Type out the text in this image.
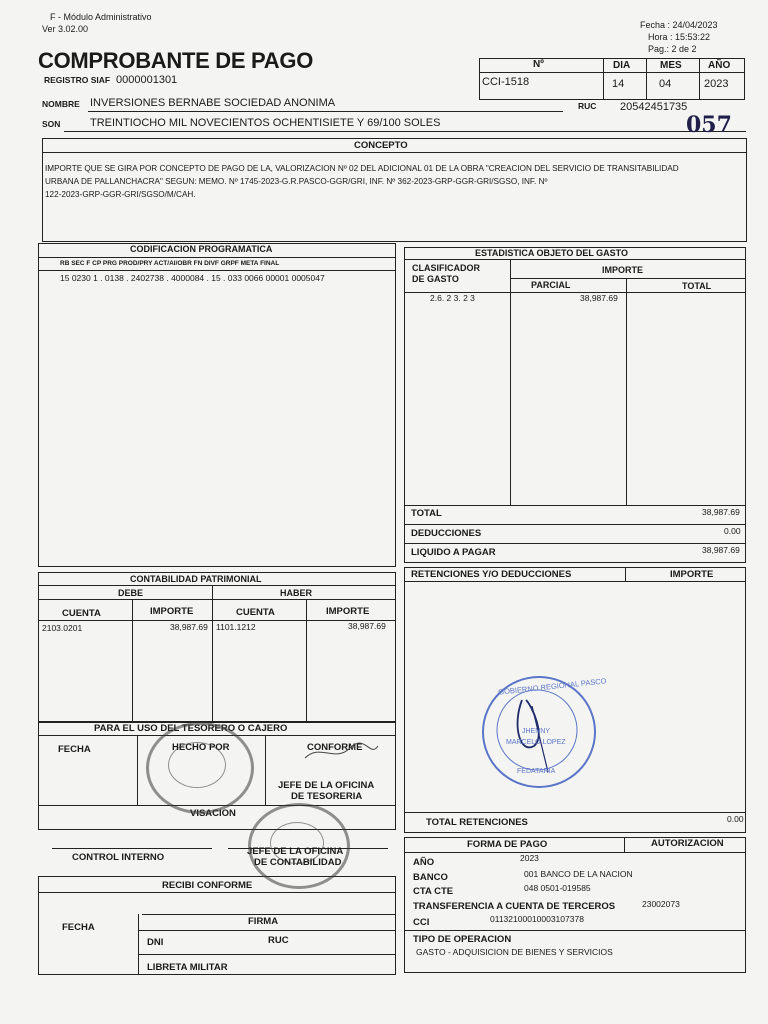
F - Módulo Administrativo
Ver 3.02.00	Fecha : 24/04/2023
Hora : 15:53:22
Pag.: 2 de 2
COMPROBANTE DE PAGO
REGISTRO SIAF 0000001301
Nº	DIA	MES	AÑO
CCI-1518	14	04	2023
NOMBRE INVERSIONES BERNABE SOCIEDAD ANONIMA	RUC 20542451735
SON	TREINTIOCHO MIL NOVECIENTOS OCHENTISIETE Y 69/100 SOLES	057
CONCEPTO
IMPORTE QUE SE GIRA POR CONCEPTO DE PAGO DE LA, VALORIZACION Nº 02 DEL ADICIONAL 01 DE LA OBRA "CREACION DEL SERVICIO DE TRANSITABILIDAD
URBANA DE PALLANCHACRA" SEGUN: MEMO. Nº 1745-2023-G.R.PASCO-GGR/GRI, INF. Nº 362-2023-GRP-GGR-GRI/SGSO, INF. Nº
122-2023-GRP-GGR-GRI/SGSO/M/CAH.
CODIFICACION PROGRAMATICA
RB SEC F CP PRG PROD/PRY ACT/AI/OBR FN DIVF GRPF META FINAL
15 0230 1 . 0138 . 2402738 . 4000084 . 15 . 033 0066 00001 0005047
ESTADISTICA OBJETO DEL GASTO
CLASIFICADOR
DE GASTO
IMPORTE
PARCIAL	TOTAL
2.6. 2 3. 2 3	38,987.69
TOTAL	38,987.69
DEDUCCIONES	0.00
LIQUIDO A PAGAR	38,987.69
CONTABILIDAD PATRIMONIAL
DEBE	HABER
CUENTA	IMPORTE	CUENTA	IMPORTE
2103.0201	38,987.69 1101.1212	38,987.69
RETENCIONES Y/O DEDUCCIONES	IMPORTE
TOTAL RETENCIONES	0.00
PARA EL USO DEL TESORERO O CAJERO
FECHA	HECHO POR	CONFORME
JEFE DE LA OFICINA
DE TESORERIA
VISACION
CONTROL INTERNO
JEFE DE LA OFICINA
DE CONTABILIDAD
RECIBI CONFORME
FECHA
FIRMA
DNI	RUC
LIBRETA MILITAR
FORMA DE PAGO	AUTORIZACION
AÑO	2023
BANCO	001 BANCO DE LA NACION
CTA CTE	048 0501-019585
TRANSFERENCIA A CUENTA DE TERCEROS	23002073
CCI	01132100010003107378
TIPO DE OPERACION
GASTO - ADQUISICION DE BIENES Y SERVICIOS
GOBIERNO REGIONAL PASCO
JHENNY
MARCELO LOPEZ
FEDATARIA
